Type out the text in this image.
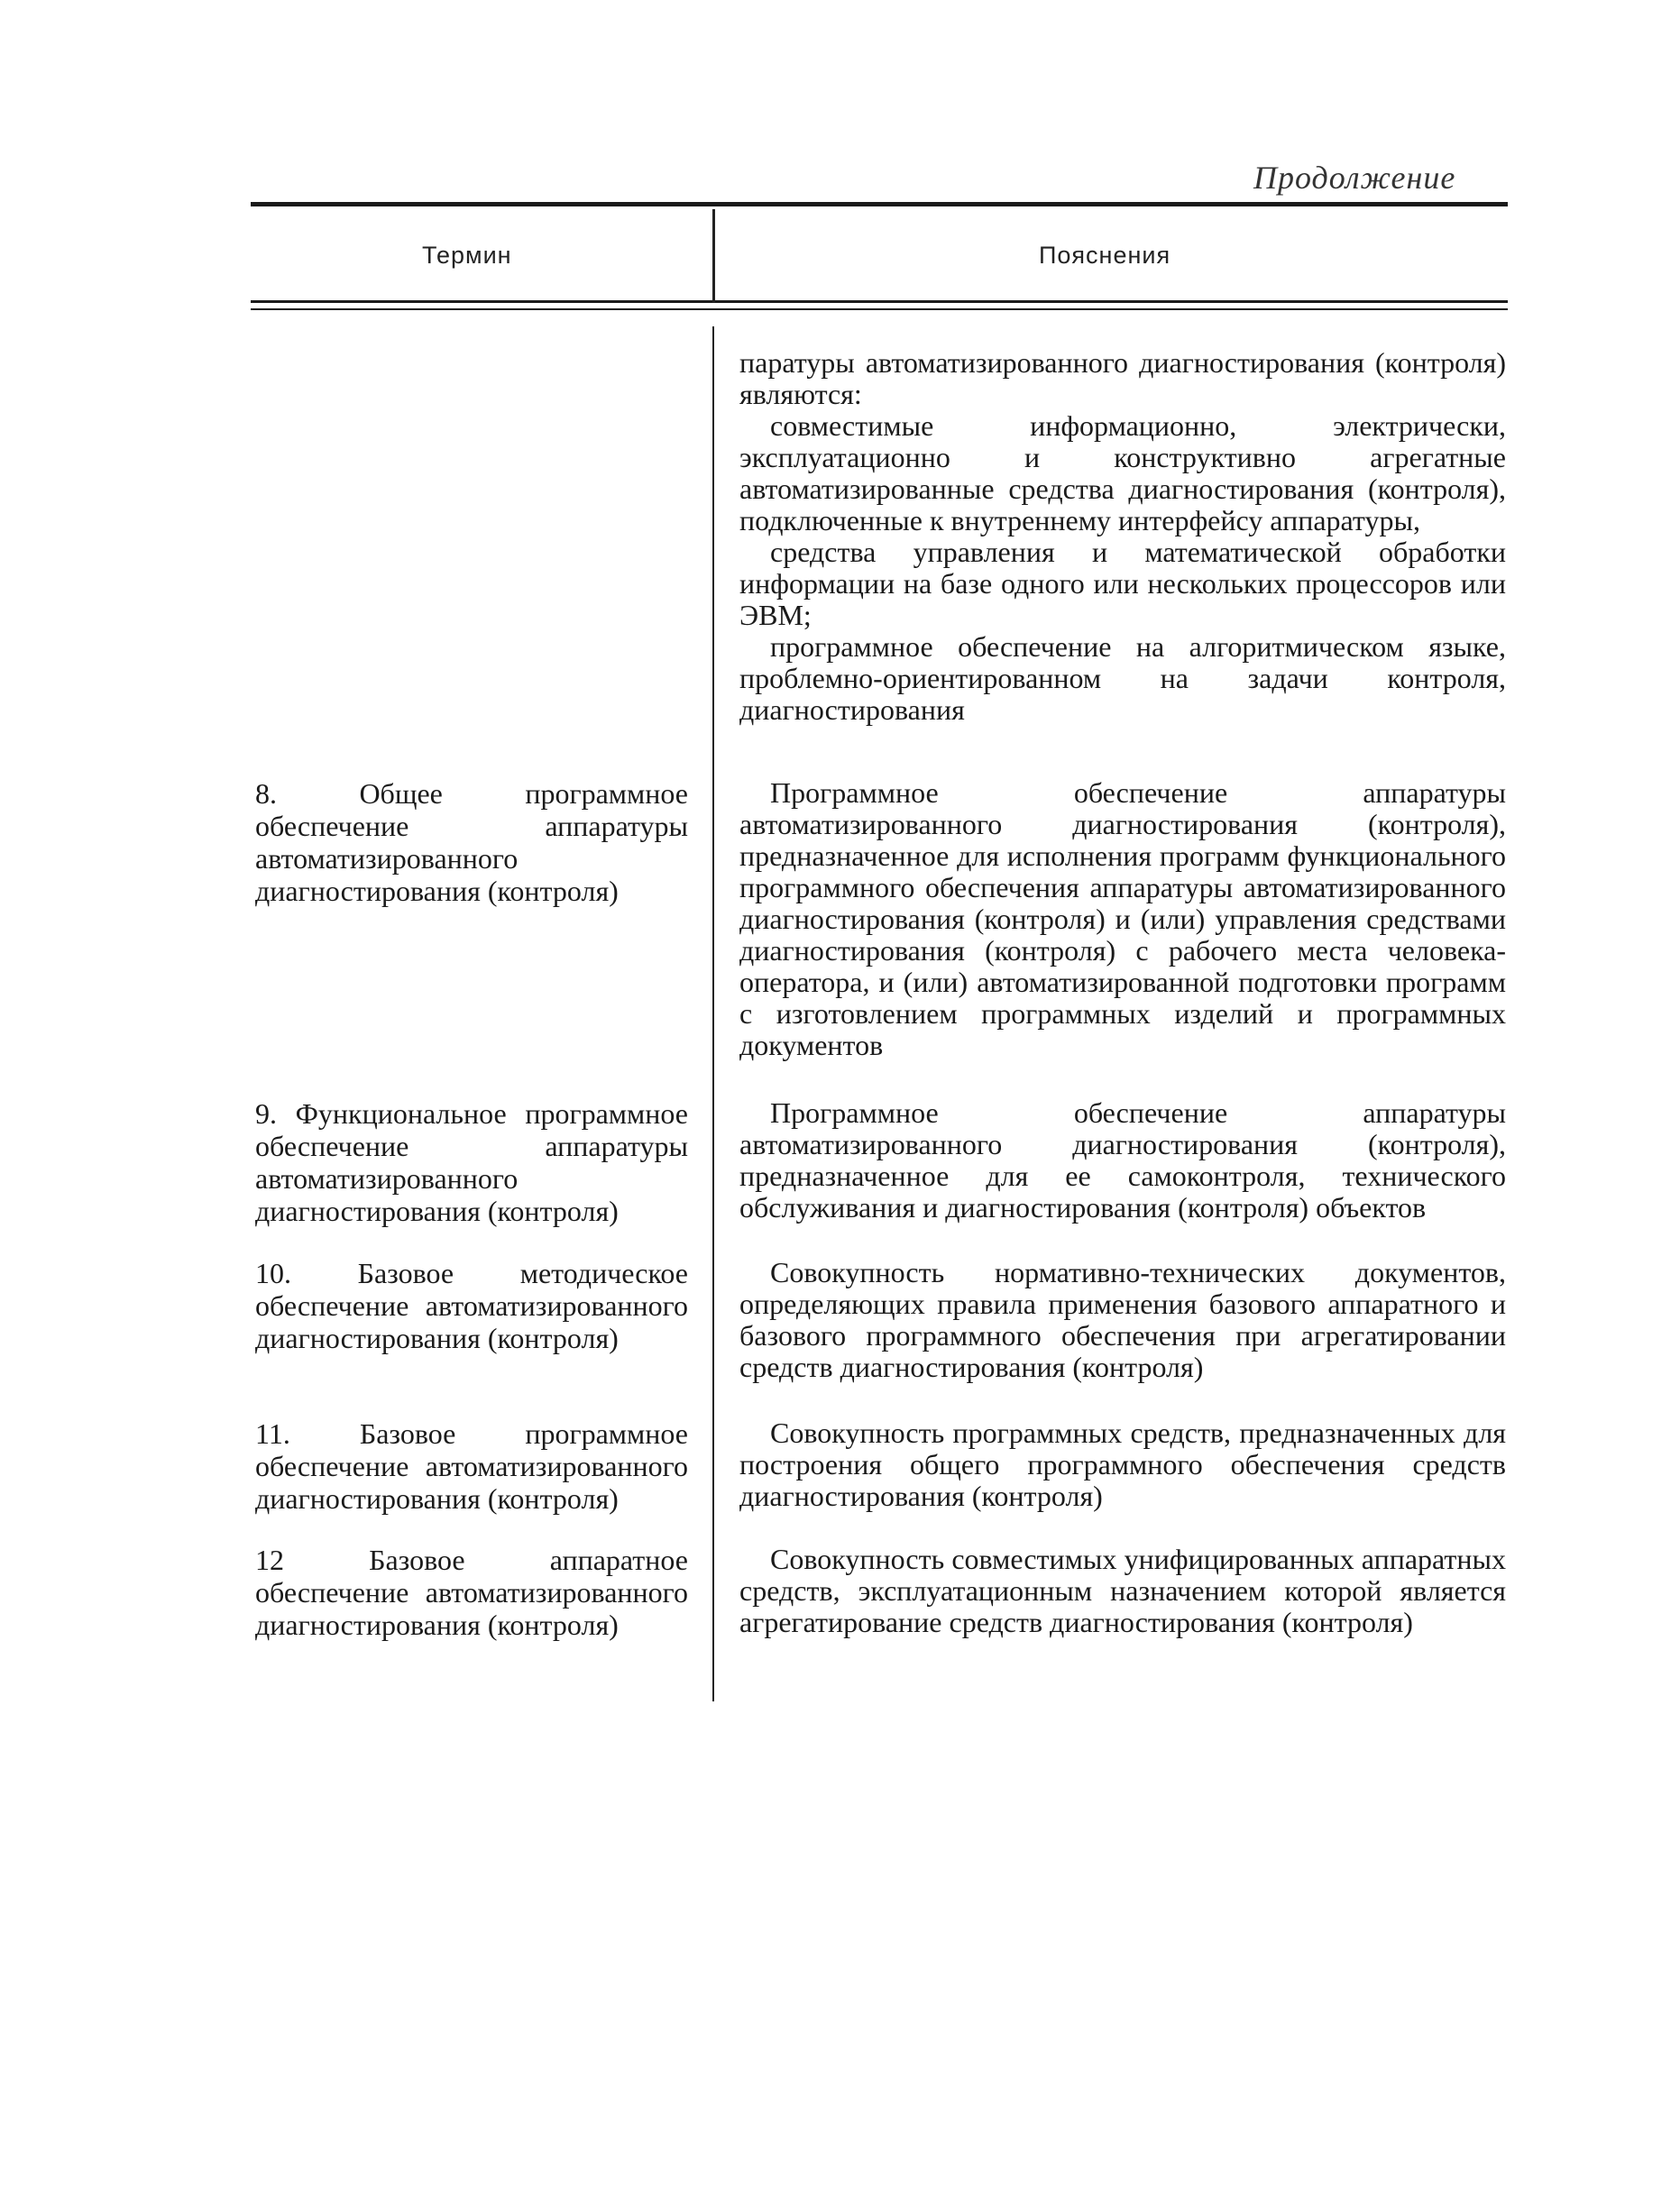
Продолжение
Термин	Пояснения

паратуры автоматизированного диагностирования (контроля) являются:

совместимые информационно, электрически, эксплуатационно и конструктивно агрегатные автоматизированные средства диагностирования (контроля), подключенные к внутреннему интерфейсу аппаратуры,

средства управления и математической обработки информации на базе одного или нескольких процессоров или ЭВМ;

программное обеспечение на алгоритмическом языке, проблемно-ориентированном на задачи контроля, диагностирования

8. Общее программное обеспечение аппаратуры автоматизированного диагностирования (контроля)

Программное обеспечение аппаратуры автоматизированного диагностирования (контроля), предназначенное для исполнения программ функционального программного обеспечения аппаратуры автоматизированного диагностирования (контроля) и (или) управления средствами диагностирования (контроля) с рабочего места человека-оператора, и (или) автоматизированной подготовки программ с изготовлением программных изделий и программных документов

9. Функциональное программное обеспечение аппаратуры автоматизированного диагностирования (контроля)

Программное обеспечение аппаратуры автоматизированного диагностирования (контроля), предназначенное для ее самоконтроля, технического обслуживания и диагностирования (контроля) объектов

10. Базовое методическое обеспечение автоматизированного диагностирования (контроля)

Совокупность нормативно-технических документов, определяющих правила применения базового аппаратного и базового программного обеспечения при агрегатировании средств диагностирования (контроля)

11. Базовое программное обеспечение автоматизированного диагностирования (контроля)

Совокупность программных средств, предназначенных для построения общего программного обеспечения средств диагностирования (контроля)

12 Базовое аппаратное обеспечение автоматизированного диагностирования (контроля)

Совокупность совместимых унифицированных аппаратных средств, эксплуатационным назначением которой является агрегатирование средств диагностирования (контроля)
